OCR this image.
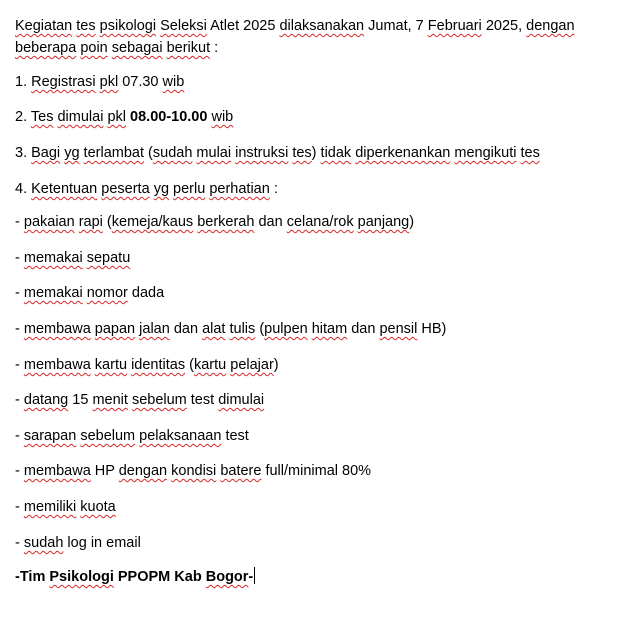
Kegiatan tes psikologi Seleksi Atlet 2025 dilaksanakan Jumat, 7 Februari 2025, dengan
beberapa poin sebagai berikut :
1. Registrasi pkl 07.30 wib
2. Tes dimulai pkl 08.00-10.00 wib
3. Bagi yg terlambat (sudah mulai instruksi tes) tidak diperkenankan mengikuti tes
4. Ketentuan peserta yg perlu perhatian :
- pakaian rapi (kemeja/kaus berkerah dan celana/rok panjang)
- memakai sepatu
- memakai nomor dada
- membawa papan jalan dan alat tulis (pulpen hitam dan pensil HB)
- membawa kartu identitas (kartu pelajar)
- datang 15 menit sebelum test dimulai
- sarapan sebelum pelaksanaan test
- membawa HP dengan kondisi batere full/minimal 80%
- memiliki kuota
- sudah log in email
-Tim Psikologi PPOPM Kab Bogor-
